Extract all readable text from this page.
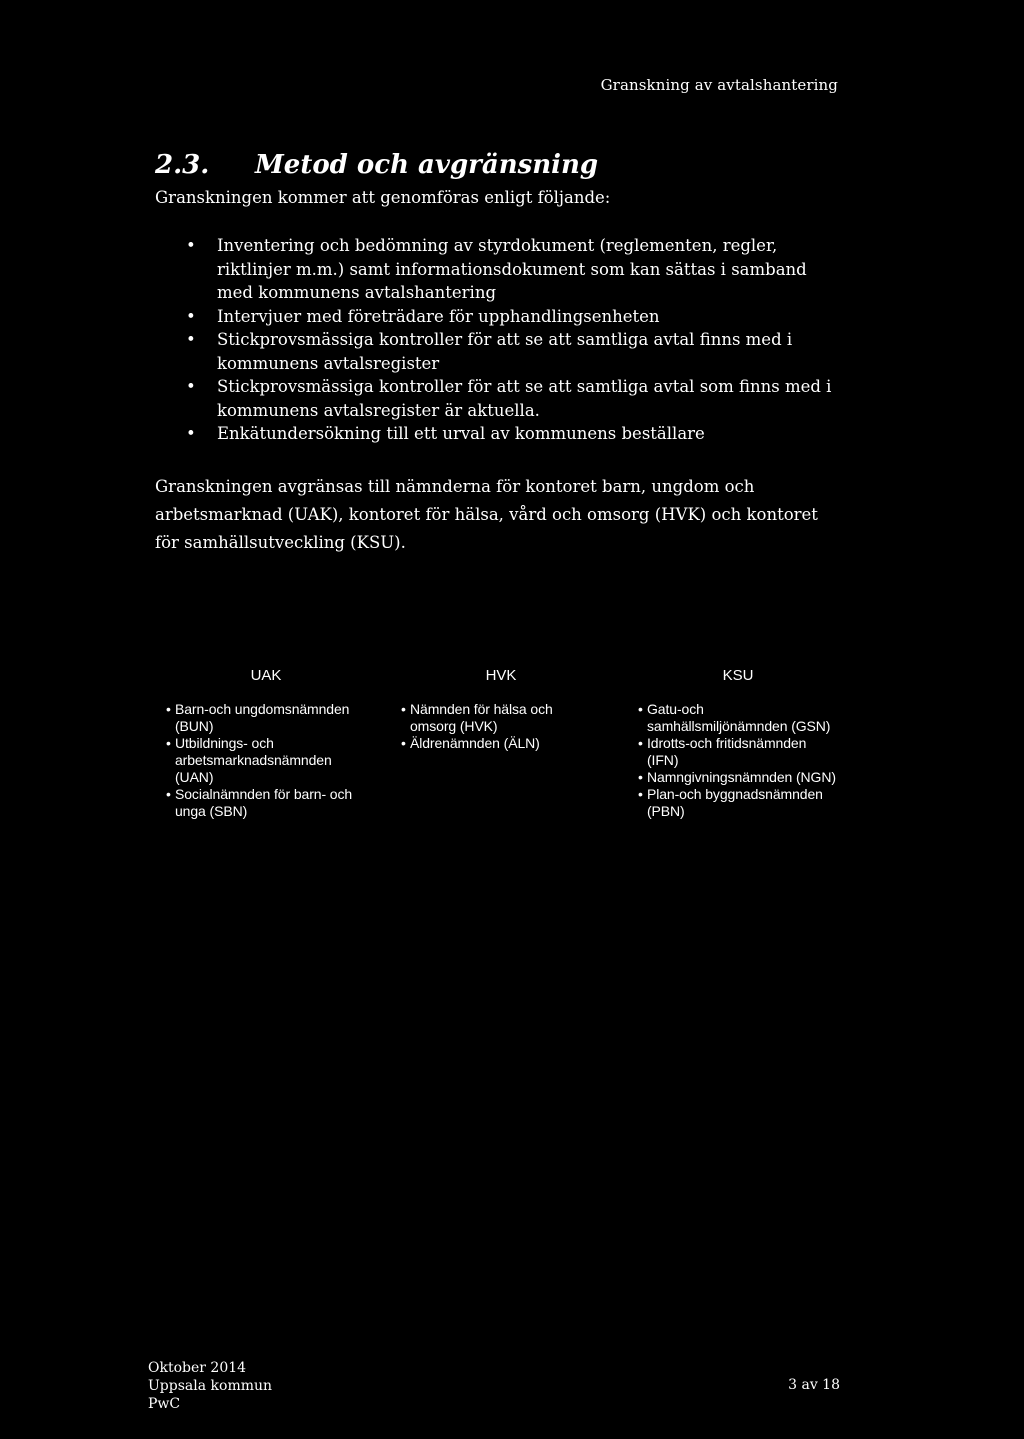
Granskning av avtalshantering
2.3.	Metod och avgränsning
Granskningen kommer att genomföras enligt följande:
• Inventering och bedömning av styrdokument (reglementen, regler, riktlinjer m.m.) samt informationsdokument som kan sättas i samband med kommunens avtalshantering
• Intervjuer med företrädare för upphandlingsenheten
• Stickprovsmässiga kontroller för att se att samtliga avtal finns med i kommunens avtalsregister
• Stickprovsmässiga kontroller för att se att samtliga avtal som finns med i kommunens avtalsregister är aktuella.
• Enkätundersökning till ett urval av kommunens beställare
Granskningen avgränsas till nämnderna för kontoret barn, ungdom och arbetsmarknad (UAK), kontoret för hälsa, vård och omsorg (HVK) och kontoret för samhällsutveckling (KSU).
UAK
• Barn-och ungdomsnämnden (BUN)
• Utbildnings- och arbetsmarknadsnämnden (UAN)
• Socialnämnden för barn- och unga (SBN)
HVK
• Nämnden för hälsa och omsorg (HVK)
• Äldrenämnden (ÄLN)
KSU
• Gatu-och samhällsmiljönämnden (GSN)
• Idrotts-och fritidsnämnden (IFN)
• Namngivningsnämnden (NGN)
• Plan-och byggnadsnämnden (PBN)
Oktober 2014
Uppsala kommun
PwC
3 av 18
